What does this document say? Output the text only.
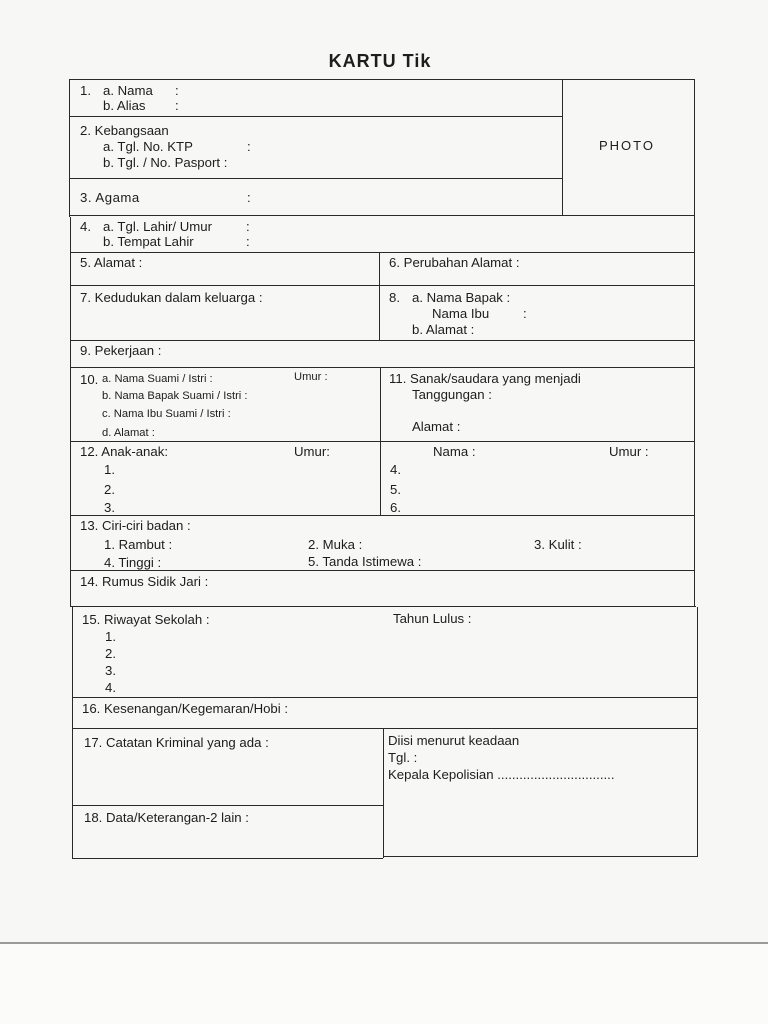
KARTU Tik
1. a. Nama :
b. Alias :
PHOTO
2. Kebangsaan
a. Tgl. No. KTP	:
b. Tgl. / No. Pasport :
3. Agama	:
4. a. Tgl. Lahir/ Umur	:
b. Tempat Lahir	:
5. Alamat :	6. Perubahan Alamat :
7. Kedudukan dalam keluarga :	8. a. Nama Bapak :
Nama Ibu	:
b. Alamat :
9. Pekerjaan :
10. a. Nama Suami / Istri :	Umur :
b. Nama Bapak Suami / Istri :
c. Nama Ibu Suami / Istri :
d. Alamat :
11. Sanak/saudara yang menjadi
Tanggungan :
Alamat :
12. Anak-anak:	Umur:	Nama :	Umur :
1.
2.
3.
4.
5.
6.
13. Ciri-ciri badan :
1. Rambut :	2. Muka :	3. Kulit :
4. Tinggi :	5. Tanda Istimewa :
14. Rumus Sidik Jari :
15. Riwayat Sekolah :	Tahun Lulus :
1.
2.
3.
4.
16. Kesenangan/Kegemaran/Hobi :
17. Catatan Kriminal yang ada :	Diisi menurut keadaan
Tgl. :
Kepala Kepolisian ................................
18. Data/Keterangan-2 lain :
